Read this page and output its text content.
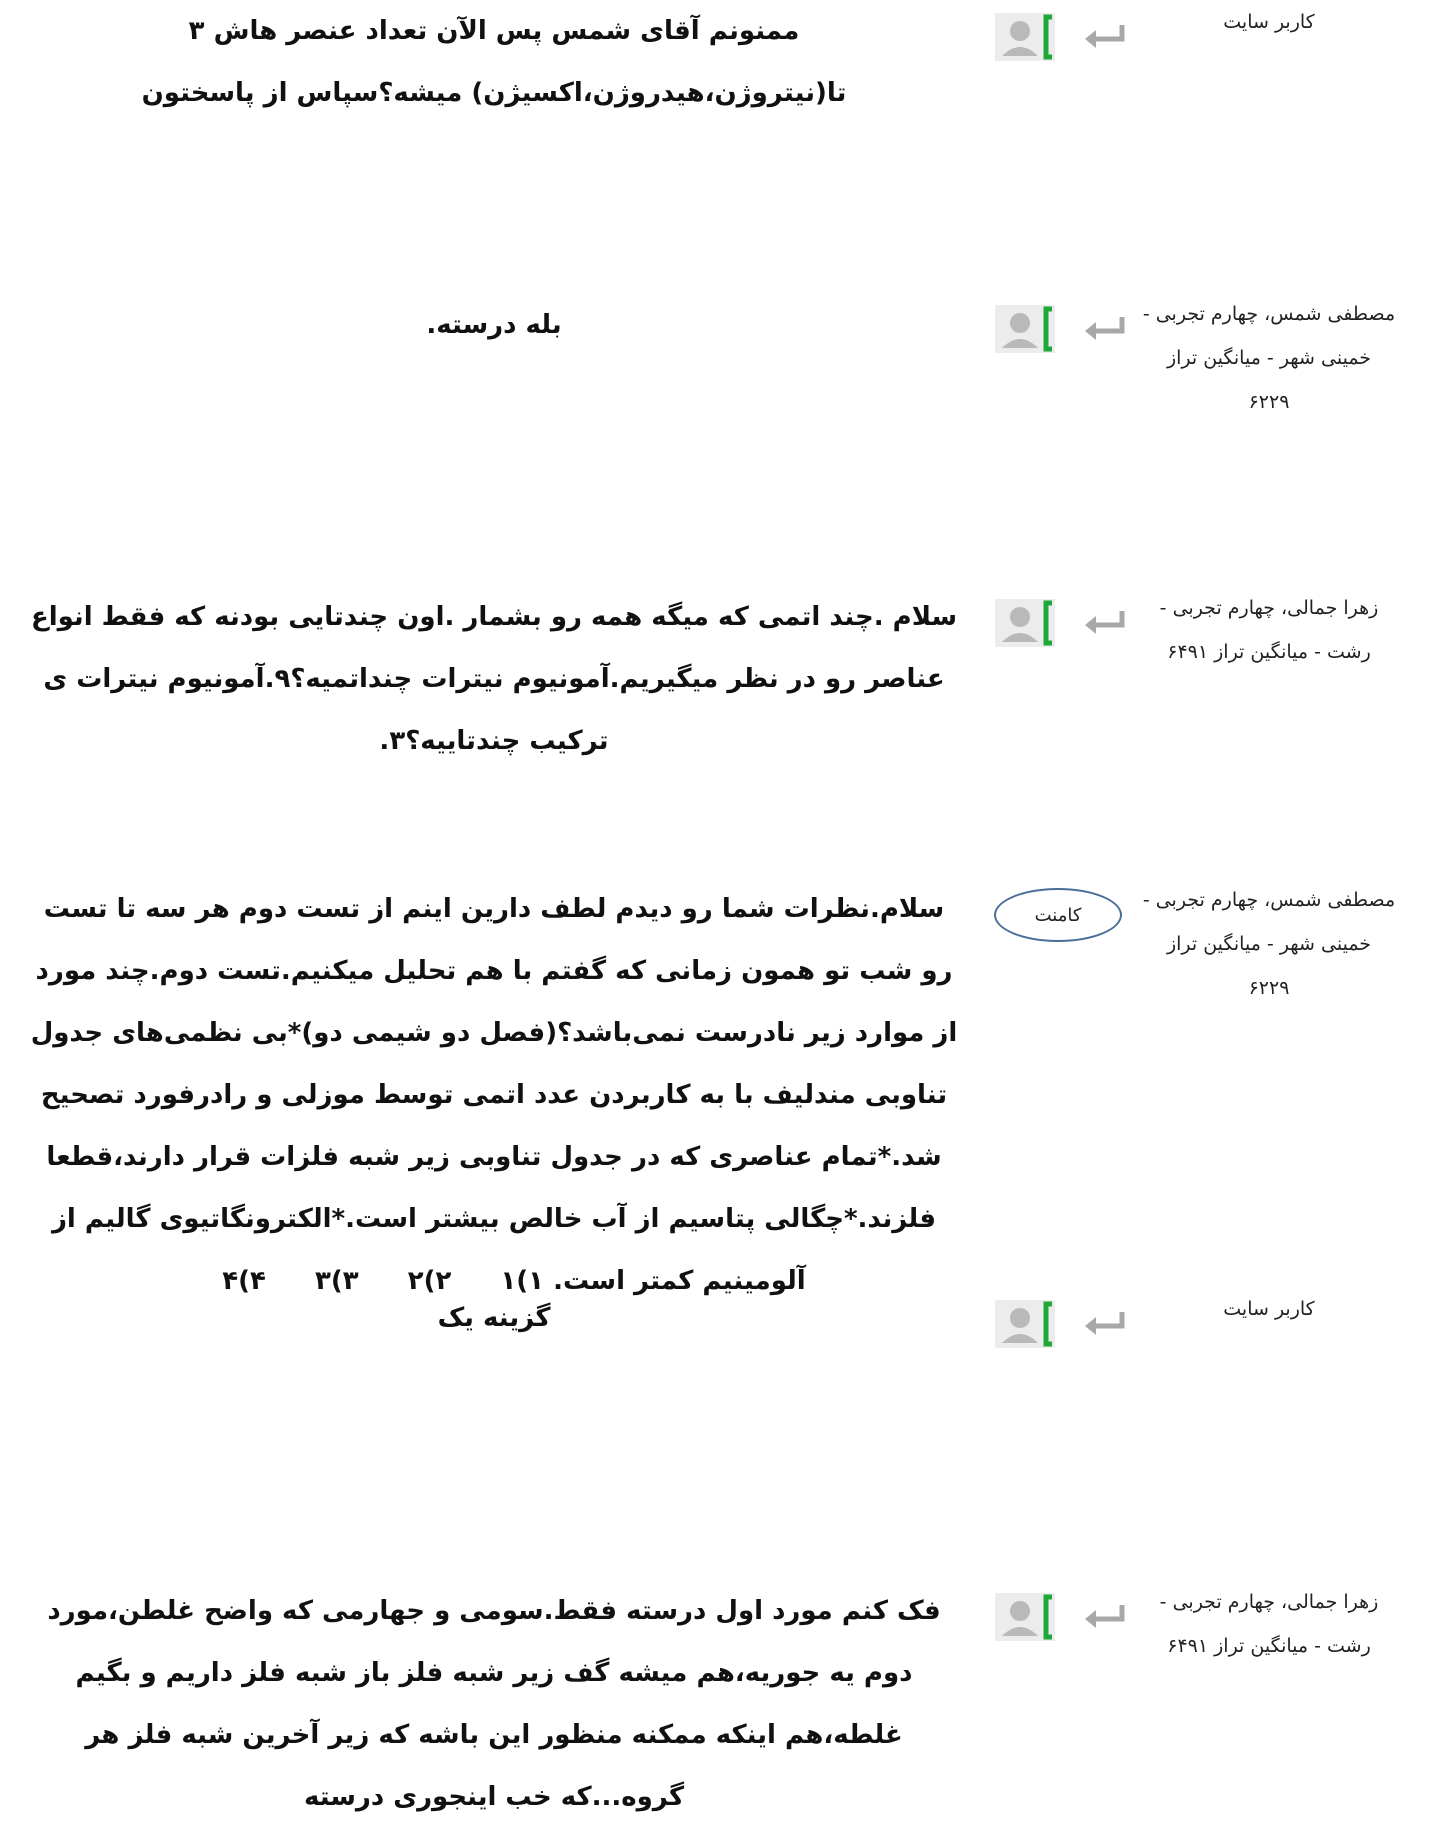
کاربر سایت
ممنونم آقای شمس پس الآن تعداد عنصر هاش ۳ تا(نیتروژن،هیدروژن،اکسیژن) میشه؟سپاس از پاسختون
مصطفی شمس، چهارم تجربی -
خمینی شهر - میانگین تراز
۶۲۲۹
بله درسته.
زهرا جمالی، چهارم تجربی -
رشت - میانگین تراز ۶۴۹۱
سلام .چند اتمی که میگه همه رو بشمار .اون چندتایی بودنه که فقط انواع عناصر رو در نظر میگیریم.آمونیوم نیترات چنداتمیه؟۹.آمونیوم نیترات ی ترکیب چندتاییه؟۳.
مصطفی شمس، چهارم تجربی -
خمینی شهر - میانگین تراز
۶۲۲۹
کامنت
سلام.نظرات شما رو دیدم لطف دارین اینم از تست دوم هر سه تا تست رو شب تو همون زمانی که گفتم با هم تحلیل میکنیم.تست دوم.چند مورد از موارد زیر نادرست نمی‌باشد؟(فصل دو شیمی دو)*بی نظمی‌های جدول تناوبی مندلیف با به کاربردن عدد اتمی توسط موزلی و رادرفورد تصحیح شد.*تمام عناصری که در جدول تناوبی زیر شبه فلزات قرار دارند،قطعا فلزند.*چگالی پتاسیم از آب خالص بیشتر است.*الکترونگاتیوی گالیم از آلومینیم کمتر است. ۱)۱ ۲)۲ ۳)۳ ۴)۴
کاربر سایت
گزینه یک
زهرا جمالی، چهارم تجربی -
رشت - میانگین تراز ۶۴۹۱
فک کنم مورد اول درسته فقط.سومی و جهارمی که واضح غلطن،مورد دوم یه جوریه،هم میشه گف زیر شبه فلز باز شبه فلز داریم و بگیم غلطه،هم اینکه ممکنه منظور این باشه که زیر آخرین شبه فلز هر گروه...که خب اینجوری درسته
